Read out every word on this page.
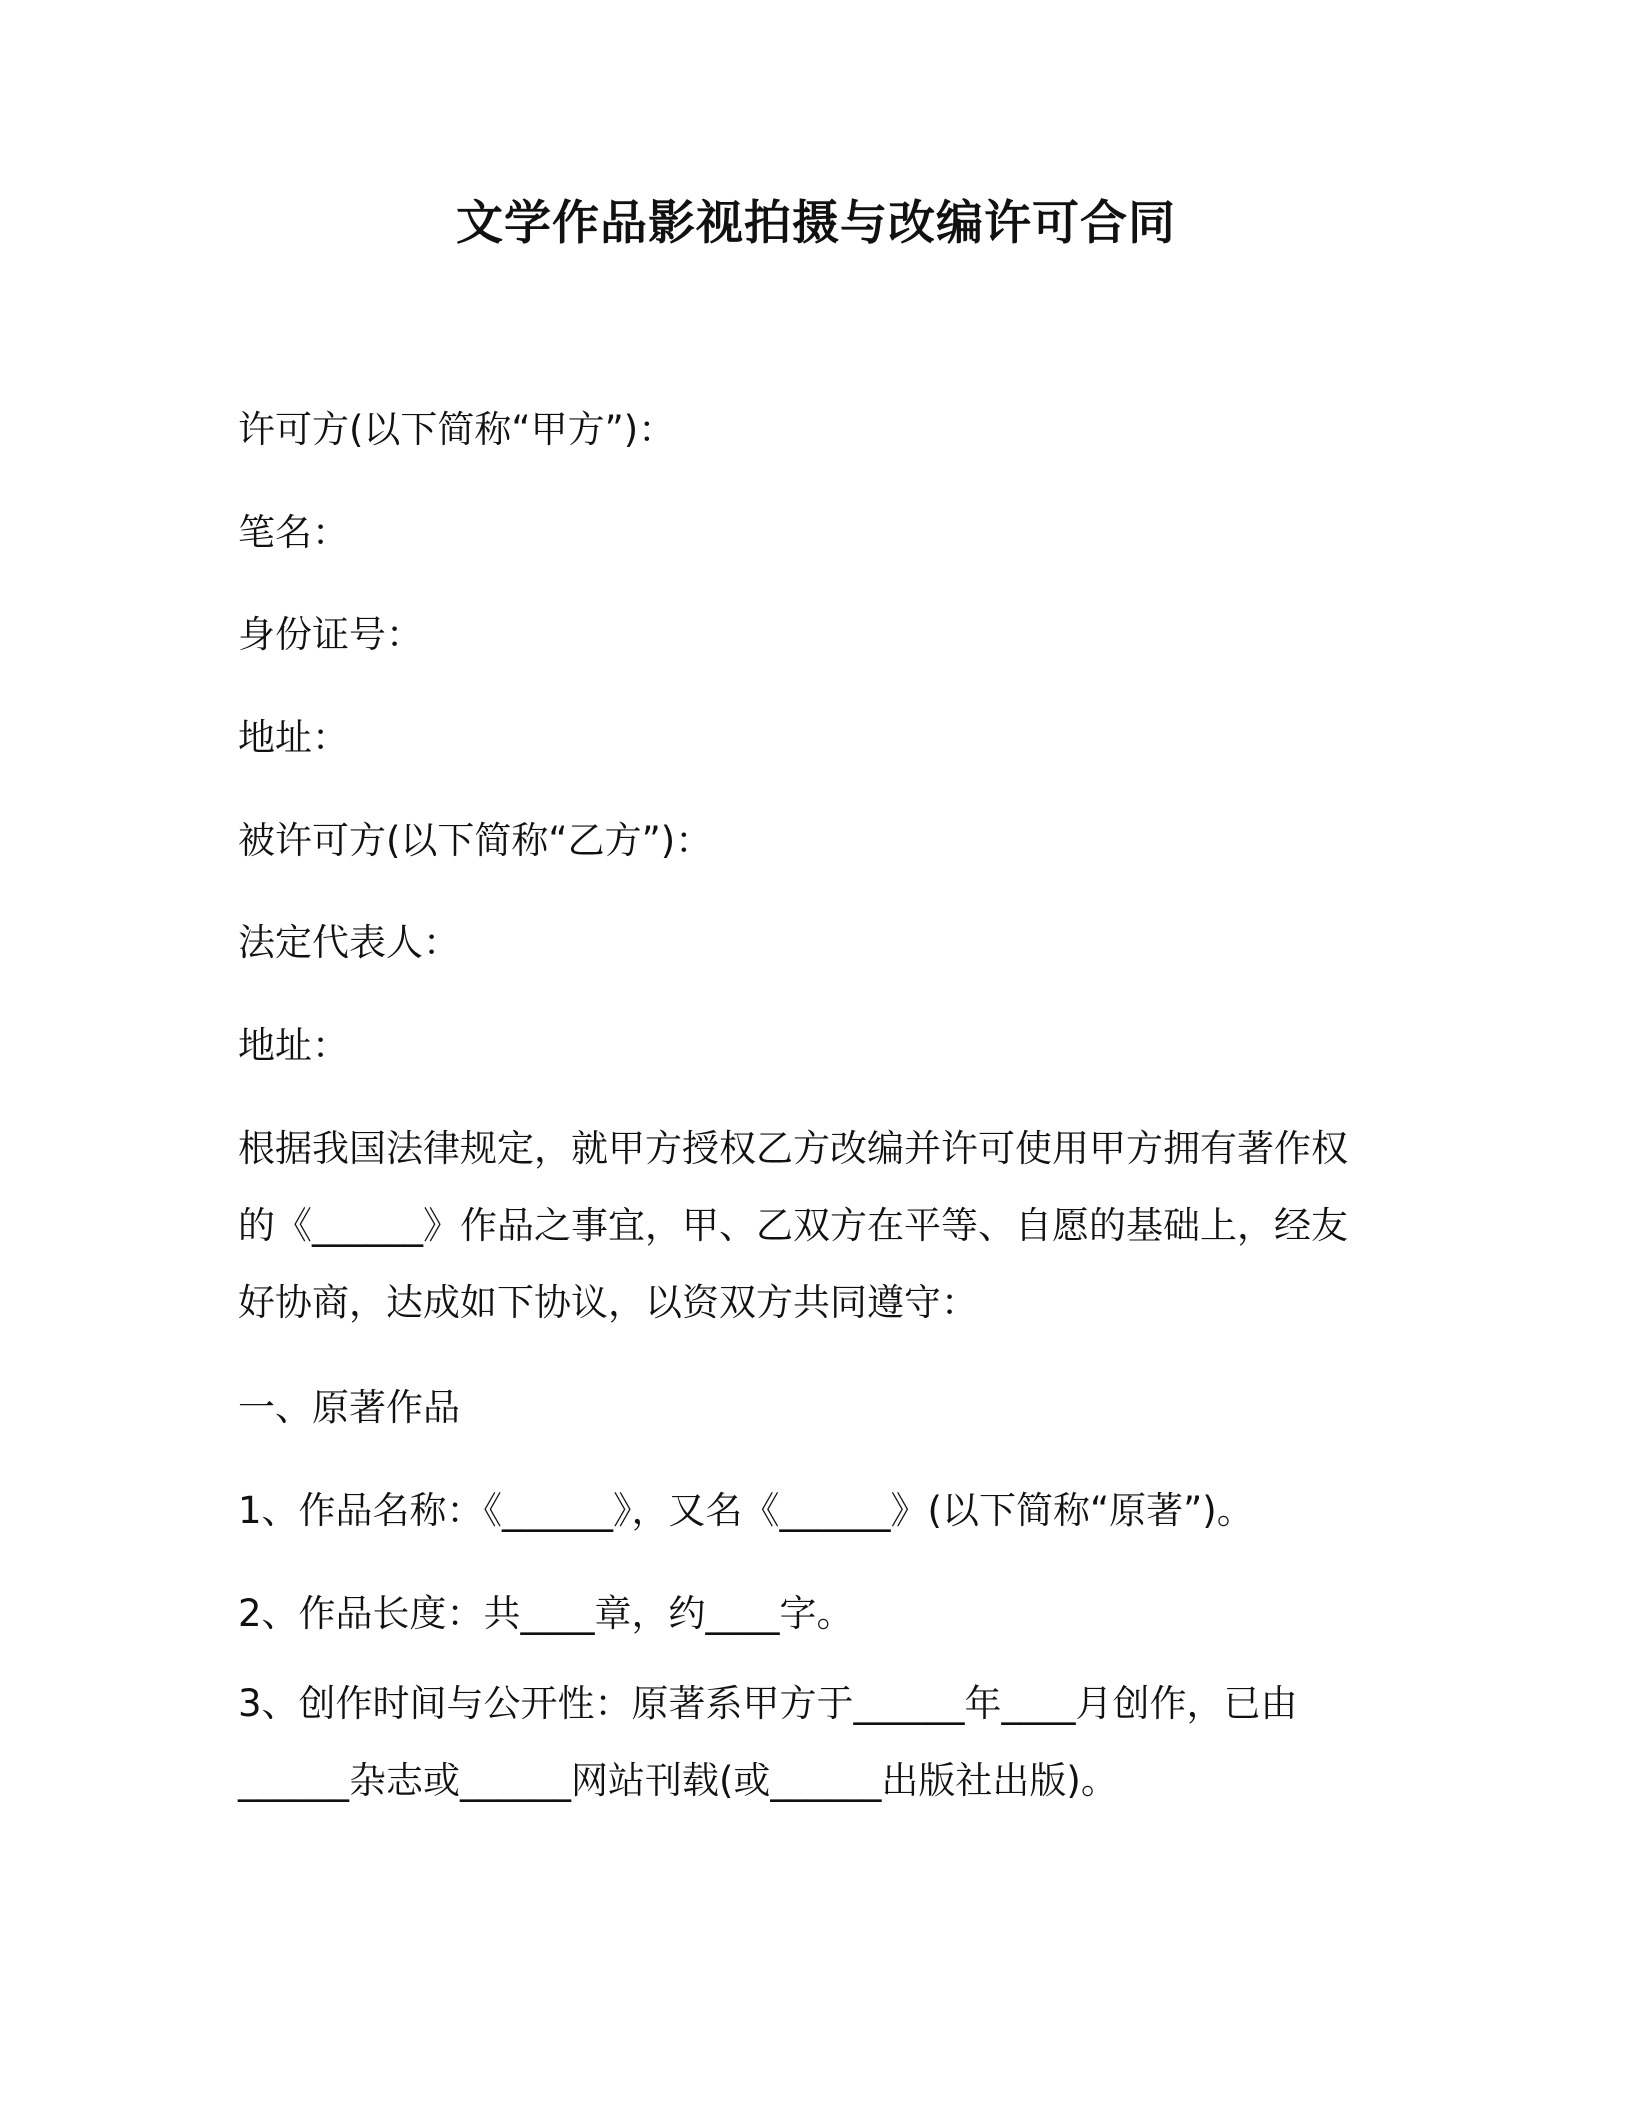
文学作品影视拍摄与改编许可合同
许可方(以下简称“甲方”)：
笔名：
身份证号：
地址：
被许可方(以下简称“乙方”)：
法定代表人：
地址：
根据我国法律规定，就甲方授权乙方改编并许可使用甲方拥有著作权
的《______》作品之事宜，甲、乙双方在平等、自愿的基础上，经友
好协商，达成如下协议，以资双方共同遵守：
一、原著作品
1、作品名称：《______》，又名《______》(以下简称“原著”)。
2、作品长度：共____章，约____字。
3、创作时间与公开性：原著系甲方于______年____月创作，已由
______杂志或______网站刊载(或______出版社出版)。
